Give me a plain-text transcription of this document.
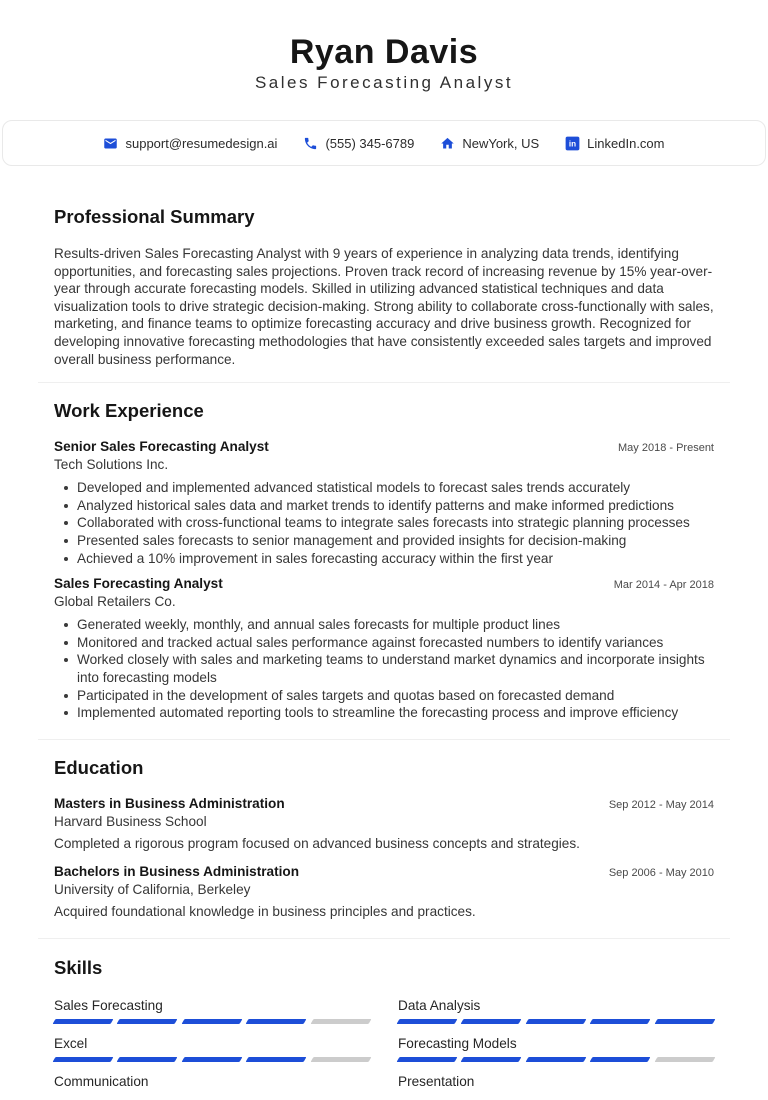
Ryan Davis
Sales Forecasting Analyst
support@resumedesign.ai	(555) 345-6789	NewYork, US in LinkedIn.com
Professional Summary

Results-driven Sales Forecasting Analyst with 9 years of experience in analyzing data trends, identifying opportunities, and forecasting sales projections. Proven track record of increasing revenue by 15% year-over-year through accurate forecasting models. Skilled in utilizing advanced statistical techniques and data visualization tools to drive strategic decision-making. Strong ability to collaborate cross-functionally with sales, marketing, and finance teams to optimize forecasting accuracy and drive business growth. Recognized for developing innovative forecasting methodologies that have consistently exceeded sales targets and improved overall business performance.

Work Experience
Senior Sales Forecasting Analyst	May 2018 - Present
Tech Solutions Inc.
Developed and implemented advanced statistical models to forecast sales trends accurately
Analyzed historical sales data and market trends to identify patterns and make informed predictions
Collaborated with cross-functional teams to integrate sales forecasts into strategic planning processes
Presented sales forecasts to senior management and provided insights for decision-making
Achieved a 10% improvement in sales forecasting accuracy within the first year
Sales Forecasting Analyst	Mar 2014 - Apr 2018
Global Retailers Co.
Generated weekly, monthly, and annual sales forecasts for multiple product lines
Monitored and tracked actual sales performance against forecasted numbers to identify variances
Worked closely with sales and marketing teams to understand market dynamics and incorporate insights into forecasting models
Participated in the development of sales targets and quotas based on forecasted demand
Implemented automated reporting tools to streamline the forecasting process and improve efficiency
Education
Masters in Business Administration	Sep 2012 - May 2014
Harvard Business School
Completed a rigorous program focused on advanced business concepts and strategies.
Bachelors in Business Administration	Sep 2006 - May 2010
University of California, Berkeley
Acquired foundational knowledge in business principles and practices.
Skills
Sales Forecasting	Data Analysis
Excel	Forecasting Models
Communication	Presentation
